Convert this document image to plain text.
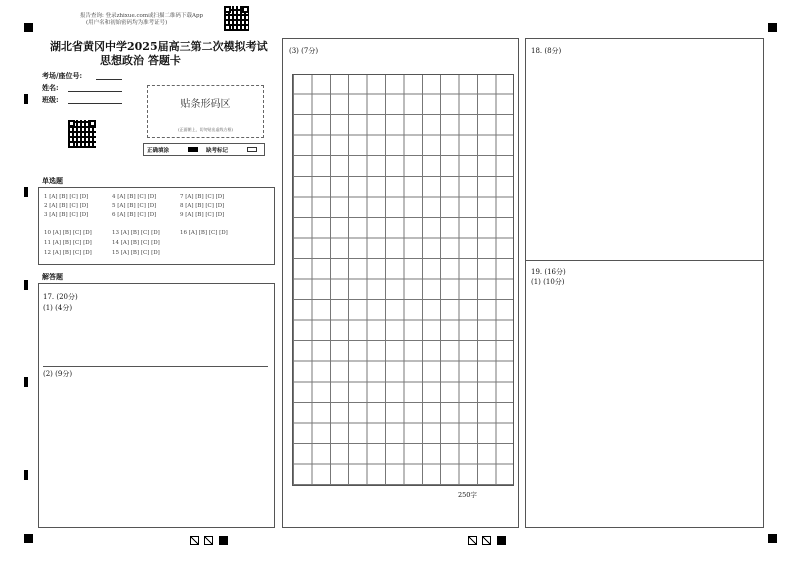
报告查询: 登录zhixue.com或扫描二维码下载App
(用户名和初始密码均为准考证号)
湖北省黄冈中学2025届高三第二次模拟考试
思想政治 答题卡
考场/座位号:
姓名:
班级:	贴条形码区
(正面朝上，切勿贴出虚线方框)
正确填涂	缺考标记
单选题
1 [A] [B] [C] [D]	4 [A] [B] [C] [D]	7 [A] [B] [C] [D]
2 [A] [B] [C] [D]	5 [A] [B] [C] [D]	8 [A] [B] [C] [D]
3 [A] [B] [C] [D]	6 [A] [B] [C] [D]	9 [A] [B] [C] [D]
10 [A] [B] [C] [D]	13 [A] [B] [C] [D]	16 [A] [B] [C] [D]
11 [A] [B] [C] [D]	14 [A] [B] [C] [D]
12 [A] [B] [C] [D]	15 [A] [B] [C] [D]
解答题
17. (20分)
(1) (4分)
(2) (9分)
(3) (7分)
250字
18. (8分)
19. (16分)
(1) (10分)
